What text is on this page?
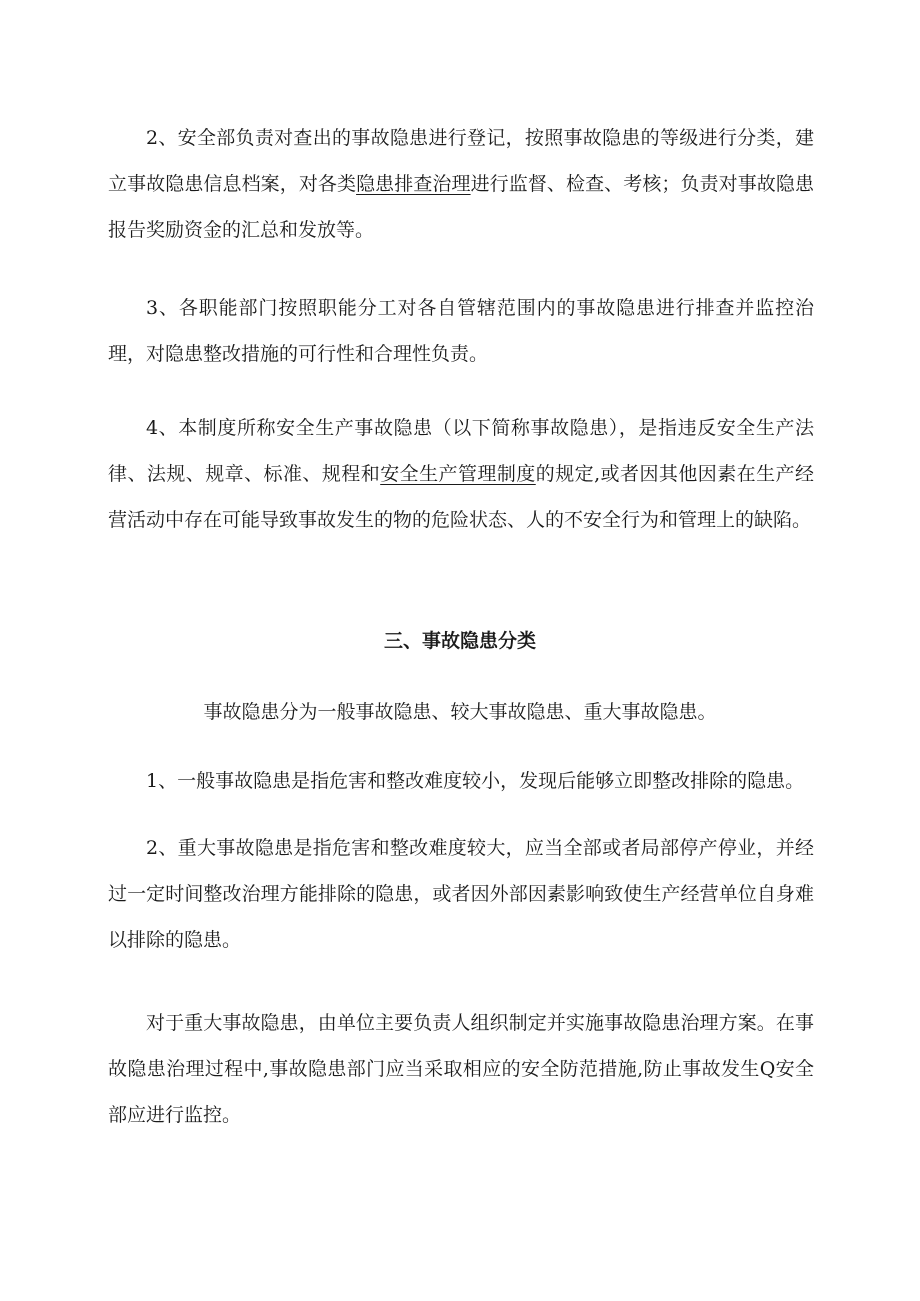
2、安全部负责对查出的事故隐患进行登记，按照事故隐患的等级进行分类，建立事故隐患信息档案，对各类隐患排查治理进行监督、检查、考核；负责对事故隐患报告奖励资金的汇总和发放等。

3、各职能部门按照职能分工对各自管辖范围内的事故隐患进行排查并监控治理，对隐患整改措施的可行性和合理性负责。

4、本制度所称安全生产事故隐患（以下简称事故隐患），是指违反安全生产法律、法规、规章、标准、规程和安全生产管理制度的规定,或者因其他因素在生产经营活动中存在可能导致事故发生的物的危险状态、人的不安全行为和管理上的缺陷。

三、事故隐患分类

事故隐患分为一般事故隐患、较大事故隐患、重大事故隐患。

1、一般事故隐患是指危害和整改难度较小，发现后能够立即整改排除的隐患。

2、重大事故隐患是指危害和整改难度较大，应当全部或者局部停产停业，并经过一定时间整改治理方能排除的隐患，或者因外部因素影响致使生产经营单位自身难以排除的隐患。

对于重大事故隐患，由单位主要负责人组织制定并实施事故隐患治理方案。在事故隐患治理过程中,事故隐患部门应当采取相应的安全防范措施,防止事故发生Q安全部应进行监控。
